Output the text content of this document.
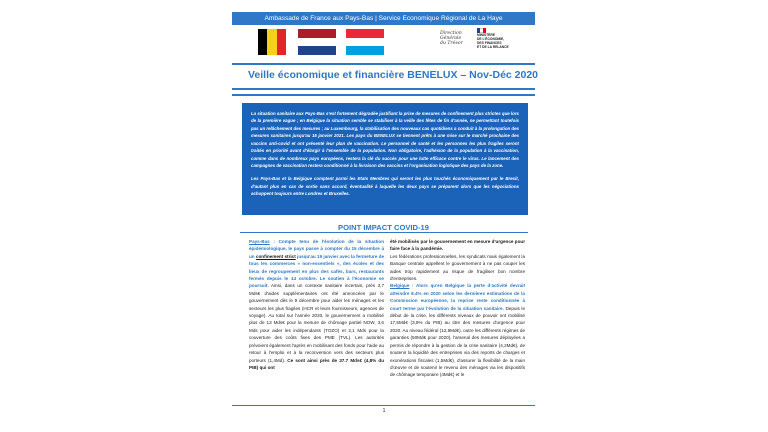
Ambassade de France aux Pays-Bas | Service Economique Régional de La Haye
Direction Générale du Trésor
MINISTÈRE
DE L'ÉCONOMIE,
DES FINANCES
ET DE LA RELANCE
Veille économique et financière BENELUX – Nov-Déc 2020

La situation sanitaire aux Pays-Bas s'est fortement dégradée justifiant la prise de mesures de confinement plus strictes que lors de la première vague ; en Belgique la situation semble se stabiliser à la veille des fêtes de fin d'année, ne permettant toutefois pas un relâchement des mesures ; au Luxembourg, la stabilisation des nouveaux cas quotidiens a conduit à la prolongation des mesures sanitaires jusqu'au 15 janvier 2021. Les pays du BENELUX se tiennent prêts à une mise sur le marché prochaine des vaccins anti-covid et ont présenté leur plan de vaccination. Le personnel de santé et les personnes les plus fragiles seront traités en priorité avant d'élargir à l'ensemble de la population. Non obligatoire, l'adhésion de la population à la vaccination, comme dans de nombreux pays européens, restera la clé du succès pour une lutte efficace contre le virus. Le lancement des campagnes de vaccination restera conditionné à la livraison des vaccins et l'organisation logistique des pays de la zone.

Les Pays-Bas et la Belgique comptent parmi les Etats Membres qui seront les plus touchés économiquement par le Brexit, d'autant plus en cas de sortie sans accord, éventualité à laquelle les deux pays se préparent alors que les négociations achoppent toujours entre Londres et Bruxelles.

POINT IMPACT COVID-19

Pays-Bas : Compte tenu de l'évolution de la situation épidémiologique, le pays passe à compter du 15 décembre à un confinement strict jusqu'au 19 janvier avec la fermeture de tous les commerces « non-essentiels », des écoles et des lieux de regroupement en plus des cafés, bars, restaurants fermés depuis le 14 octobre. Le soutien à l'économie se poursuit. Ainsi, dans un contexte sanitaire incertain, près 3,7 Mds€ d'aides supplémentaires ont été annoncées par le gouvernement dès le 9 décembre pour aider les ménages et les secteurs les plus fragiles (HCR et leurs fournisseurs, agences de voyage). Au total sur l'année 2020, le gouvernement a mobilisé plus de 13 Mds€ pour la mesure de chômage partiel NOW, 3,6 Mds pour aider les indépendants (TOZO) et 2,1 Mds pour la couverture des coûts fixes des PME (TVL). Les autorités prévoient également l'après en mobilisant des fonds pour l'aide au retour à l'emploi et à la reconversion vers des secteurs plus porteurs (1,4Md). Ce sont ainsi près de 37.7 Mds€ (4,8% du PIB) qui ont

été mobilisés par le gouvernement en mesure d'urgence pour faire face à la pandémie.

Les fédérations professionnelles, les syndicats mais également la Banque centrale appellent le gouvernement à ne pas couper les aides trop rapidement au risque de fragiliser bon nombre d'entreprises.

Belgique : Alors qu'en Belgique la perte d'activité devrait atteindre 8.4% en 2020 selon les dernières estimations de la Commission européenne, la reprise reste conditionnée à court terme par l'évolution de la situation sanitaire. Depuis le début de la crise, les différents niveaux de pouvoir ont mobilisé 17,5Md€ (3,9% du PIB) au titre des mesures d'urgence pour 2020. Au niveau fédéral (12,8Md€), outre les différents régimes de garanties (50Md€ pour 2020), l'arsenal des mesures déployées a permis de répondre à la gestion de la crise sanitaire (4,2Md€), de soutenir la liquidité des entreprises via des reports de charges et exonérations fiscales (1,5Md€), d'assurer la flexibilité de la main d'œuvre et de soutenir le revenu des ménages via les dispositifs de chômage temporaire (4Md€) et le

1
